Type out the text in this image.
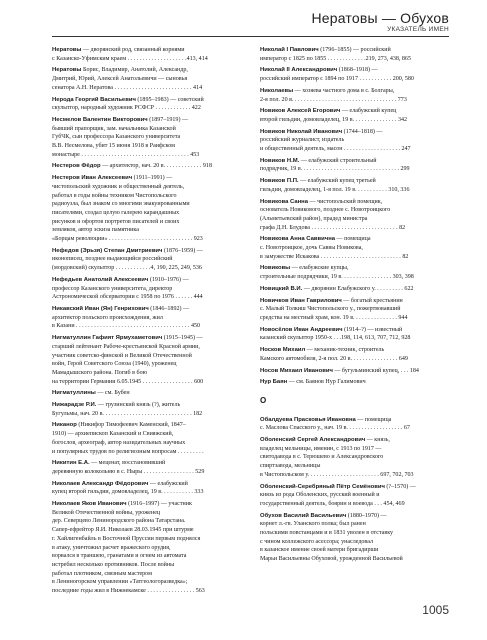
Нератовы — Обухов
УКАЗАТЕЛЬ ИМЕН
Нератовы — дворянский род, связанный корнями
с Казанско-Уфимским краем . . . . . . . . . . . . . . . . . . . .413, 414
Нератовы Борис, Владимир, Анатолий, Александр,
Дмитрий, Юрий, Алексей Анатольевичи — сыновья
сенатора А.Н. Нератова . . . . . . . . . . . . . . . . . . . . . . . . . . 414
Нерода Георгий Васильевич (1895–1983) — советский
скульптор, народный художник РСФСР . . . . . . . . . . . . 422
Несмелов Валентин Викторович (1897–1919) —
бывший прапорщик, зам. начальника Казанской
ГубЧК, сын профессора Казанского университета
В.В. Несмелова, убит 15 июня 1918 в Раифском
монастыре . . . . . . . . . . . . . . . . . . . . . . . . . . . . . . . . . . . . 453
Нестеров Фёдор — архитектор, нач. 20 в. . . . . . . . . . . . . 918
Нестеров Иван Алексеевич (1911–1991) —
чистопольский художник и общественный деятель,
работал в годы войны техником Чистопольского
радиоузла, был знаком со многими эвакуированными
писателями, создал целую галерею карандашных
рисунков и офортов портретов писателей и своих
земляков, автор эскиза памятника
«Борцам революции» . . . . . . . . . . . . . . . . . . . . . . . . . . . . 923
Нефедов (Эрьзя) Степан Дмитриевич (1876–1959) —
иконописец, позднее выдающийся российский
(мордовский) скульптор . . . . . . . . . . . .4, 190, 225, 249, 536
Нефедьев Анатолий Алексеевич (1910–1976) —
профессор Казанского университета, директор
Астрономической обсерватории с 1958 по 1976 . . . . . . 444
Никавский Иван (Ян) Генрихович (1846–1892) —
архитектор польского происхождения, жил
в Казани . . . . . . . . . . . . . . . . . . . . . . . . . . . . . . . . . . . . . . 450
Нигматуллин Гафият Ярмухаметович (1915–1945) —
старший лейтенант Рабоче-крестьянской Красной армии,
участник советско-финской и Великой Отечественной
войн, Герой Советского Союза (1940), уроженец
Мамадышского района. Погиб в бою
на территории Германии 6.05.1945 . . . . . . . . . . . . . . . . . 600
Нигматуллины — см. Бубен
Нижарадзе Р.И. — грузинский князь (?), житель
Бугульмы, нач. 20 в. . . . . . . . . . . . . . . . . . . . . . . . . . . . . . 182
Никанор (Никифор Тимофеевич Каменский, 1847–
1910) — архиепископ Казанский и Свияжский,
богослов, археограф, автор назидательных научных
и популярных трудов по религиозным вопросам . . . . . . . . .
Никитин Е.А. — меценат, восстановивший
деревянную колокольню в с. Ныры . . . . . . . . . . . . . . . . . 529
Николаев Александр Фёдорович — елабужский
купец второй гильдии, домовладелец, 19 в. . . . . . . . . . . 333
Николаев Яков Иванович (1916–1997) — участник
Великой Отечественной войны, уроженец
дер. Северцево Ленинородского района Татарстана.
Сапер-ефрейтор Я.И. Николаев 28.03.1945 при штурме
г. Хайлигенбайль в Восточной Пруссии первым поднялся
в атаку, уничтожил расчет вражеского орудия,
ворвался в траншею, гранатами и огнем из автомата
истребил несколько противников. После войны
работал плотником, связным мастером
в Лениногорском управлении «Татгеологоразведка»;
последние годы жил в Нижнекамске . . . . . . . . . . . . . . . . 563
Николай I Павлович (1796–1855) — российский
император с 1825 по 1855 . . . . . . . . . . . . .219, 273, 438, 865
Николай II Александрович (1868–1918) —
российский император с 1894 по 1917 . . . . . . . . . . . 200, 580
Николаевы — хозяева частного дома в с. Болгары,
2-я пол. 20 в. . . . . . . . . . . . . . . . . . . . . . . . . . . . . . . . . . . 773
Новиков Алексей Егорович — елабужский купец
второй гильдии, домовладелец, 19 в. . . . . . . . . . . . . . . 342
Новиков Николай Иванович (1744–1818) —
российский журналист, издатель
и общественный деятель, масон . . . . . . . . . . . . . . . . . . . 247
Новиков Н.М. — елабужский строительный
подрядчик, 19 в. . . . . . . . . . . . . . . . . . . . . . . . . . . . . . . . . 299
Новиков П.П. — елабужский купец третьей
гильдии, домовладелец, 1-я пол. 19 в. . . . . . . . . . . 310, 336
Новикова Санна — чистопольский помещик,
основатель Новикового, позднее с. Новотроицкого
(Альметьевский район), прадед министра
графа Д.Н. Блудова . . . . . . . . . . . . . . . . . . . . . . . . . . . . . 82
Новикова Анна Саввична — помещица
с. Новотроицкое, дочь Саввы Новикова,
в замужестве Искакова . . . . . . . . . . . . . . . . . . . . . . . . . . . 82
Новиковы — елабужские купцы,
строительные подрядчики, 19 в. . . . . . . . . . . . . . . . . 303, 398
Новицкий В.И. — дворянин Елабужского у. . . . . . . . . . 622
Новичков Иван Гаврилович — богатый крестьянин
с. Малый Толкиш Чистопольского у., пожертвовавший
средства на местный храм, кон. 19 в. . . . . . . . . . . . . . . 944
Новосёлов Иван Андреевич (1914–?) — известный
казанский скульптор 1950-х . . .198, 114, 613, 707, 712, 928
Носков Михаил — механик-техник, строитель
Камского автомобиля, 2-я пол. 20 в. . . . . . . . . . . . . . . . 649
Носов Михаил Иванович — бугульминский купец, . . . 184
Нур Баян — см. Баянов Нур Галимович
О
Обалдуева Прасковья Ивановна — помещица
с. Маслова Спасского у., нач. 19 в. . . . . . . . . . . . . . . . . . . 67
Оболенский Сергей Александрович — князь,
владелец мельницы, именин, с 1913 по 1917 —
свитодавода в с. Терюшево и Александровского
спиртзавода, мельницы
в Чистопольском у. . . . . . . . . . . . . . . . . . . . . . . . 697, 702, 703
Оболенский-Серебряный Пётр Семёнович (?–1570) —
князь из рода Оболенских, русский военный и
государственный деятель, боярин и воевода . . . 454, 469
Обухов Василий Васильевич (1880–1970) —
корнет л.-гв. Уланского полка; был ранен
польскими повстанцами и в 1831 уволен в отставку
с чином коллежского асессора; унаследовал
в казанское имение своей матери бригадирши
Марьи Васильевны Обуховой, урожденной Васильевой
1005
